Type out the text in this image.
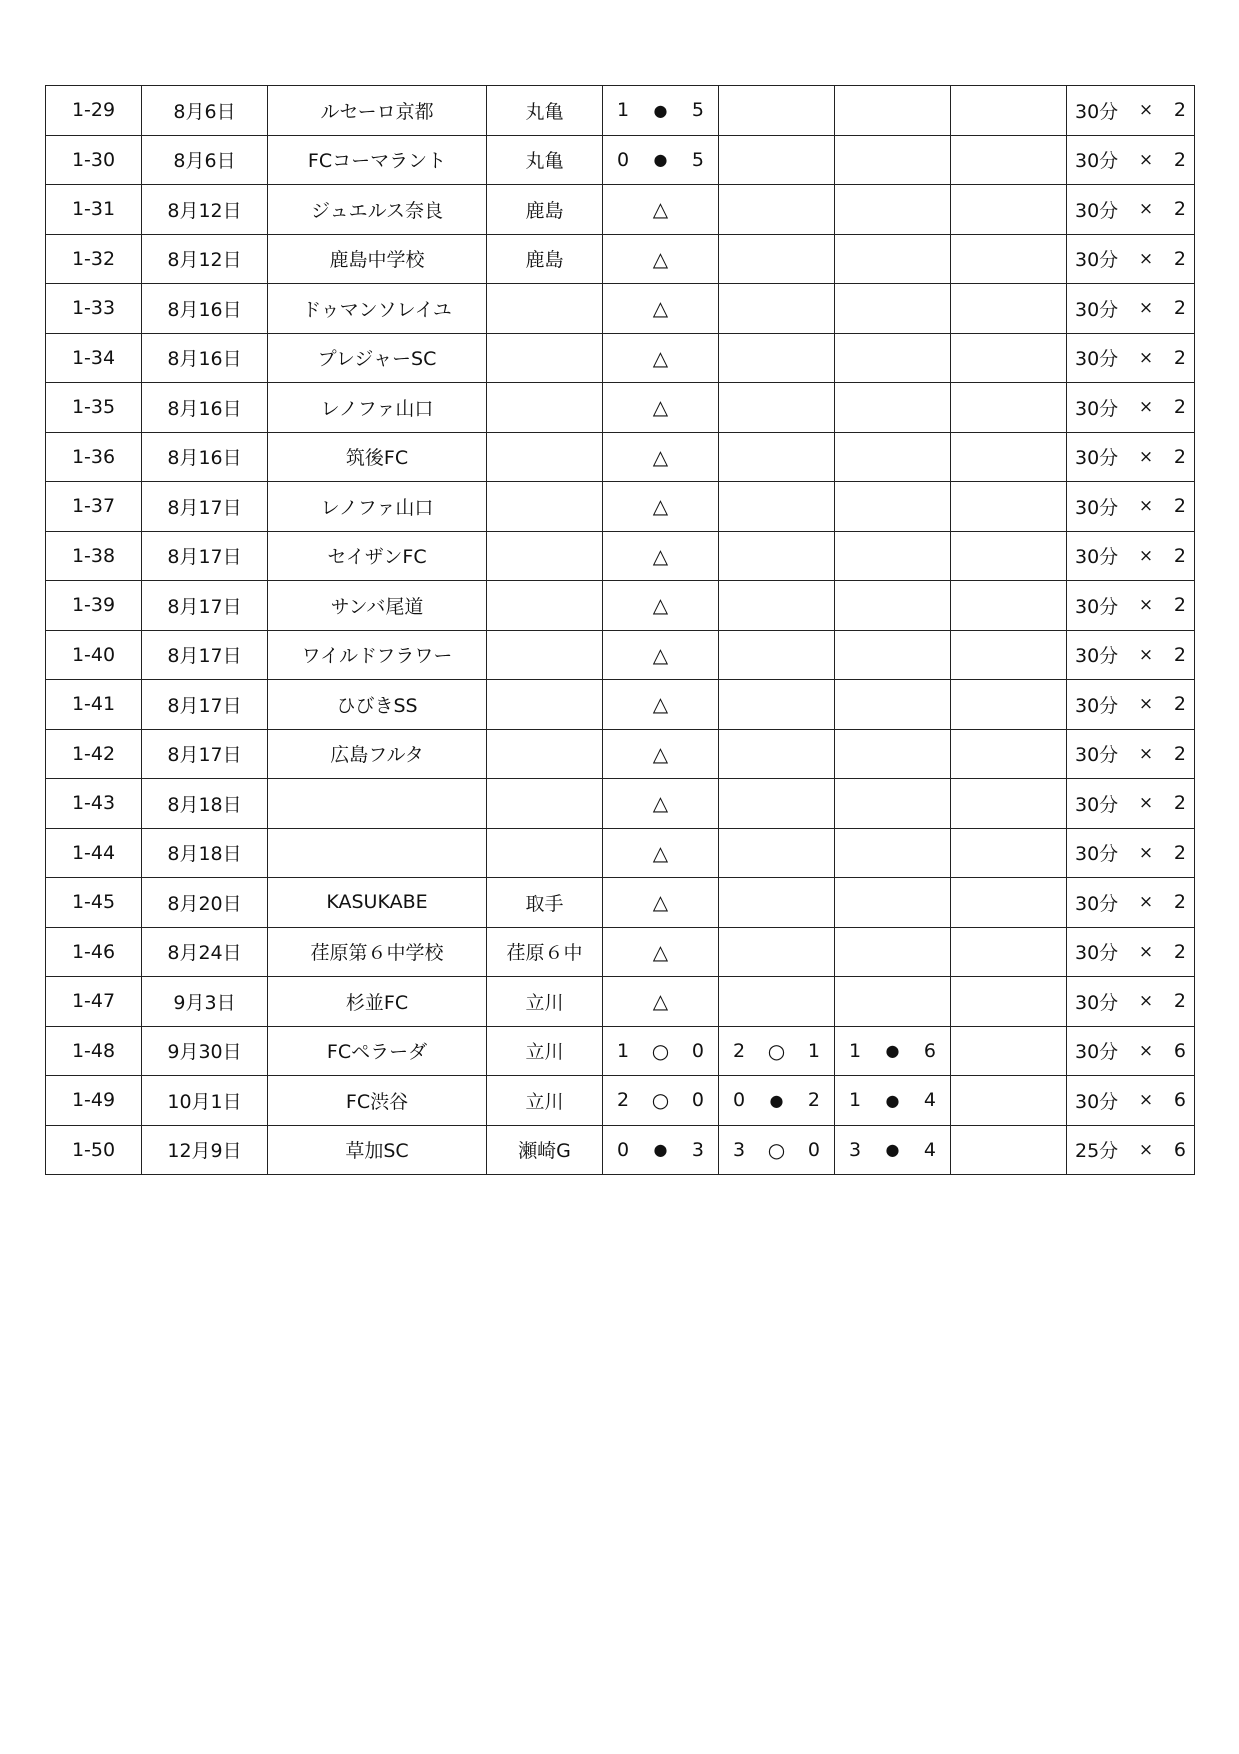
1-29	8月6日	ルセーロ京都	丸亀	1 ● 5				30分 × 2

1-30	8月6日	FCコーマラント	丸亀	0 ● 5				30分 × 2

1-31	8月12日	ジュエルス奈良	鹿島	△				30分 × 2

1-32	8月12日	鹿島中学校	鹿島	△				30分 × 2

1-33	8月16日	ドゥマンソレイユ		△				30分 × 2

1-34	8月16日	プレジャーSC		△				30分 × 2

1-35	8月16日	レノファ山口		△				30分 × 2

1-36	8月16日	筑後FC		△				30分 × 2

1-37	8月17日	レノファ山口		△				30分 × 2

1-38	8月17日	セイザンFC		△				30分 × 2

1-39	8月17日	サンバ尾道		△				30分 × 2

1-40	8月17日	ワイルドフラワー		△				30分 × 2

1-41	8月17日	ひびきSS		△				30分 × 2

1-42	8月17日	広島フルタ		△				30分 × 2

1-43	8月18日			△				30分 × 2

1-44	8月18日			△				30分 × 2

1-45	8月20日	KASUKABE	取手	△				30分 × 2

1-46	8月24日	荏原第６中学校	荏原６中	△				30分 × 2

1-47	9月3日	杉並FC	立川	△				30分 × 2

1-48	9月30日	FCペラーダ	立川	1 ○ 0	2 ○ 1	1 ● 6		30分 × 6

1-49	10月1日	FC渋谷	立川	2 ○ 0	0 ● 2	1 ● 4		30分 × 6

1-50	12月9日	草加SC	瀬崎G	0 ● 3	3 ○ 0	3 ● 4		25分 × 6
